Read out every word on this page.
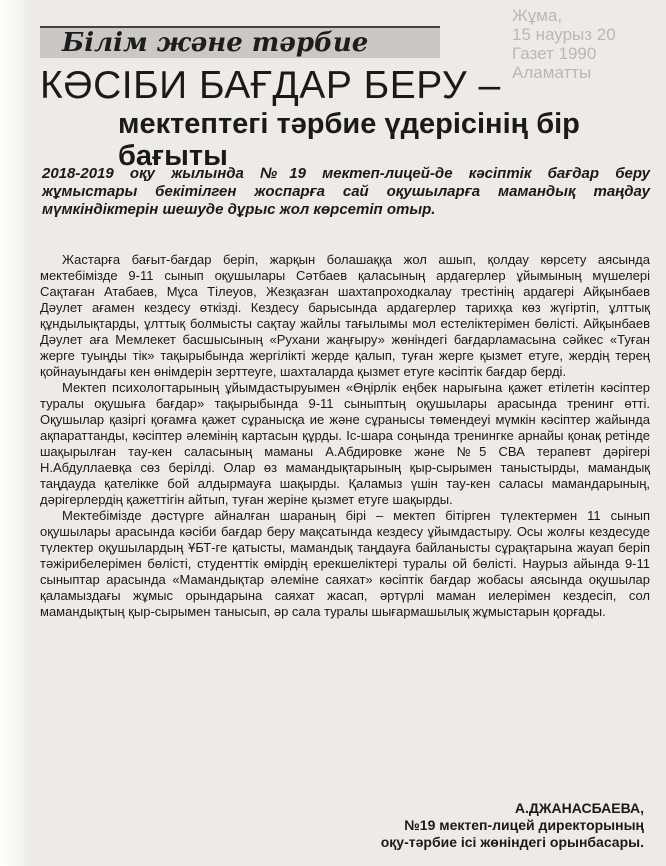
Жұма,
15 наурыз 20
Газет 1990
Аламатты
Білім және тәрбие
КӘСІБИ БАҒДАР БЕРУ –
мектептегі тәрбие үдерісінің бір бағыты

2018-2019 оқу жылында №19 мектеп-лицей-де кәсіптік бағдар беру жұмыстары бекітілген жоспарға сай оқушыларға мамандық таңдау мүмкіндіктерін шешуде дұрыс жол көрсетіп отыр.

Жастарға бағыт-бағдар беріп, жарқын болашаққа жол ашып, қолдау көрсету аясында мектебімізде 9-11 сынып оқушылары Сәтбаев қаласының ардагерлер ұйымының мүшелері Сақтаған Атабаев, Мұса Тілеуов, Жезқазған шахтапроходкалау трестінің ардагері Айқынбаев Дәулет ағамен кездесу өткізді. Кездесу барысында ардагерлер тарихқа көз жүгіртіп, ұлттық құндылықтарды, ұлттық болмысты сақтау жайлы тағылымы мол естеліктерімен бөлісті. Айқынбаев Дәулет аға Мемлекет басшысының «Рухани жаңғыру» жөніндегі бағдарламасына сәйкес «Туған жерге туыңды тік» тақырыбында жергілікті жерде қалып, туған жерге қызмет етуге, жердің терең қойнауындағы кен өнімдерін зерттеуге, шахталарда қызмет етуге кәсіптік бағдар берді.

Мектеп психологтарының ұйымдастыруымен «Өңірлік еңбек нарығына қажет етілетін кәсіптер туралы оқушыға бағдар» тақырыбында 9-11 сыныптың оқушылары арасында тренинг өтті. Оқушылар қазіргі қоғамға қажет сұранысқа ие және сұранысы төмендеуі мүмкін кәсіптер жайында ақпараттанды, кәсіптер әлемінің картасын құрды. Іс-шара соңында тренингке арнайы қонақ ретінде шақырылған тау-кен саласының маманы А.Абдировке және №5 СВА терапевт дәрігері Н.Абдуллаевқа сөз берілді. Олар өз мамандықтарының қыр-сырымен таныстырды, мамандық таңдауда қателікке бой алдырмауға шақырды. Қаламыз үшін тау-кен саласы мамандарының, дәрігерлердің қажеттігін айтып, туған жеріне қызмет етуге шақырды.

Мектебімізде дәстүрге айналған шараның бірі – мектеп бітірген түлектермен 11 сынып оқушылары арасында кәсіби бағдар беру мақсатында кездесу ұйымдастыру. Осы жолғы кездесуде түлектер оқушылардың ҰБТ-ге қатысты, мамандық таңдауға байланысты сұрақтарына жауап беріп тәжірибелерімен бөлісті, студенттік өмірдің ерекшеліктері туралы ой бөлісті. Наурыз айында 9-11 сыныптар арасында «Мамандықтар әлеміне саяхат» кәсіптік бағдар жобасы аясында оқушылар қаламыздағы жұмыс орындарына саяхат жасап, әртүрлі маман иелерімен кездесіп, сол мамандықтың қыр-сырымен танысып, әр сала туралы шығармашылық жұмыстарын қорғады.

А.ДЖАНАСБАЕВА,
№19 мектеп-лицей директорының
оқу-тәрбие ісі жөніндегі орынбасары.
